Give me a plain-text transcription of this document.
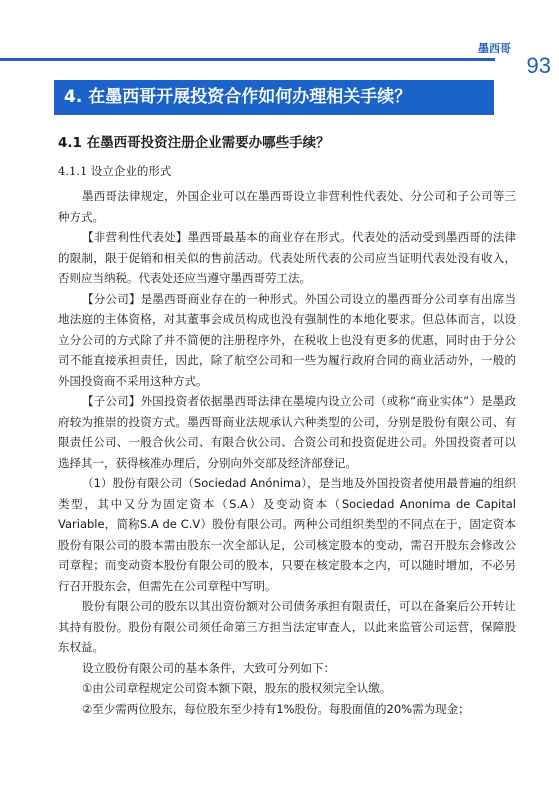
墨西哥
93
4. 在墨西哥开展投资合作如何办理相关手续？
4.1 在墨西哥投资注册企业需要办哪些手续？
4.1.1 设立企业的形式

墨西哥法律规定，外国企业可以在墨西哥设立非营利性代表处、分公司和子公司等三种方式。

【非营利性代表处】墨西哥最基本的商业存在形式。代表处的活动受到墨西哥的法律的限制，限于促销和相关似的售前活动。代表处所代表的公司应当证明代表处没有收入，否则应当纳税。代表处还应当遵守墨西哥劳工法。

【分公司】是墨西哥商业存在的一种形式。外国公司设立的墨西哥分公司享有出席当地法庭的主体资格，对其董事会成员构成也没有强制性的本地化要求。但总体而言，以设立分公司的方式除了并不简便的注册程序外，在税收上也没有更多的优惠，同时由于分公司不能直接承担责任，因此，除了航空公司和一些为履行政府合同的商业活动外，一般的外国投资商不采用这种方式。

【子公司】外国投资者依据墨西哥法律在墨境内设立公司（或称“商业实体”）是墨政府较为推崇的投资方式。墨西哥商业法规承认六种类型的公司，分别是股份有限公司、有限责任公司、一般合伙公司、有限合伙公司、合资公司和投资促进公司。外国投资者可以选择其一，获得核准办理后，分别向外交部及经济部登记。

（1）股份有限公司（Sociedad Anónima），是当地及外国投资者使用最普遍的组织类型，其中又分为固定资本（S.A）及变动资本（Sociedad Anonima de Capital Variable，简称S.A de C.V）股份有限公司。两种公司组织类型的不同点在于，固定资本股份有限公司的股本需由股东一次全部认足，公司核定股本的变动，需召开股东会修改公司章程；而变动资本股份有限公司的股本，只要在核定股本之内，可以随时增加，不必另行召开股东会，但需先在公司章程中写明。

股份有限公司的股东以其出资份额对公司债务承担有限责任，可以在备案后公开转让其持有股份。股份有限公司须任命第三方担当法定审查人，以此来监管公司运营，保障股东权益。

设立股份有限公司的基本条件，大致可分列如下：

①由公司章程规定公司资本额下限，股东的股权须完全认缴。

②至少需两位股东，每位股东至少持有1%股份。每股面值的20%需为现金；
